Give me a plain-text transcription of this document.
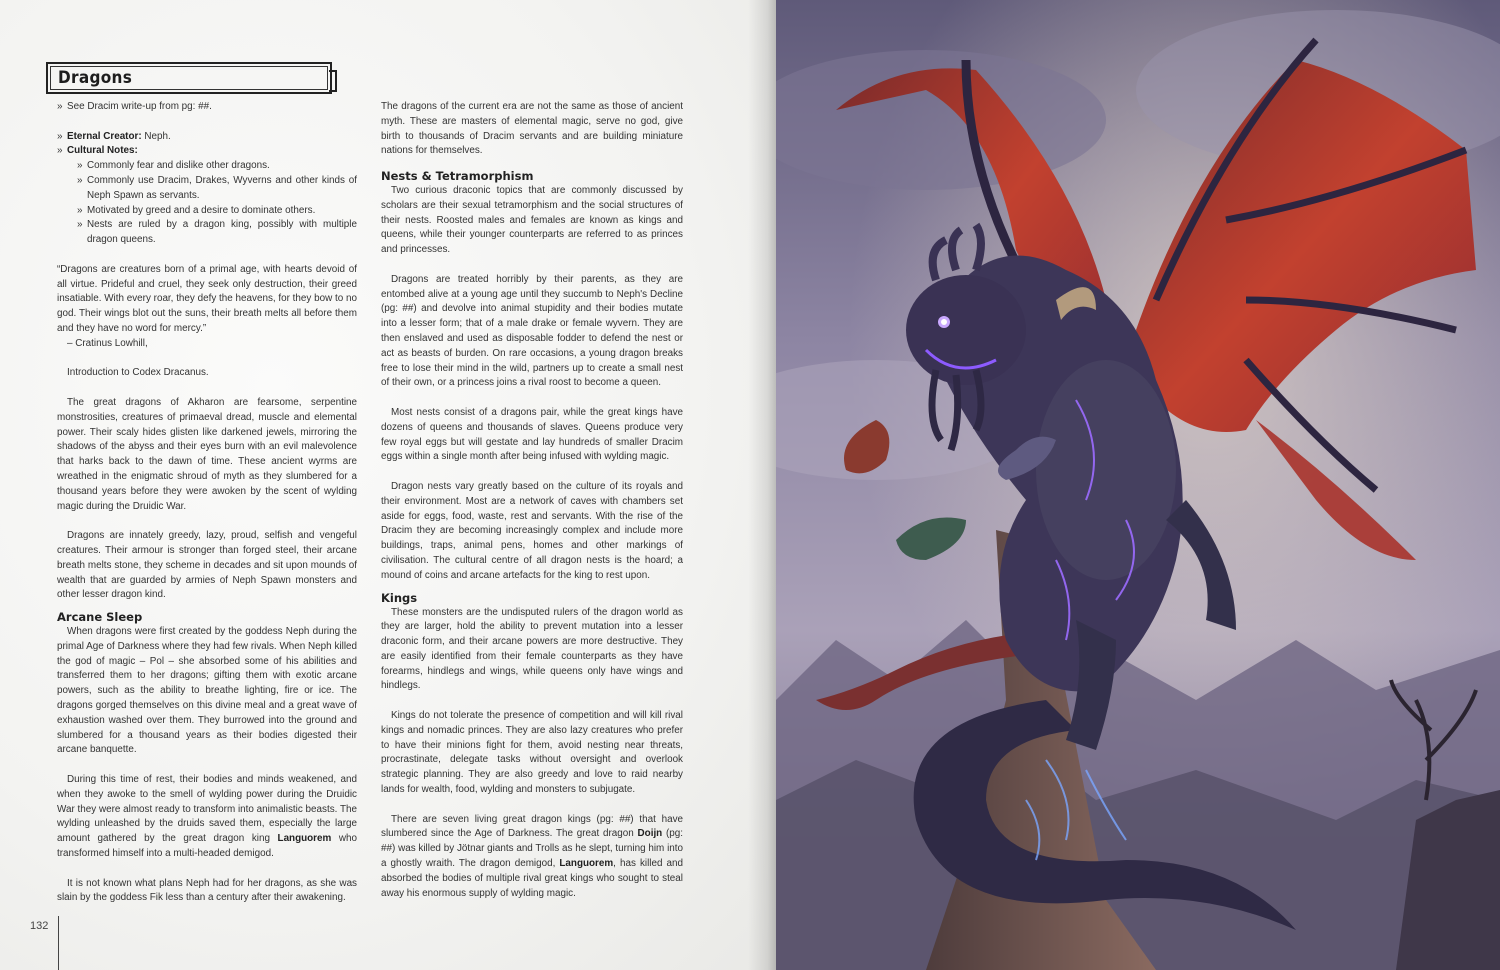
Dragons
» See Dracim write-up from pg: ##.
» Eternal Creator: Neph.
» Cultural Notes:
» Commonly fear and dislike other dragons.
» Commonly use Dracim, Drakes, Wyverns and other kinds of Neph Spawn as servants.
» Motivated by greed and a desire to dominate others.
» Nests are ruled by a dragon king, possibly with multiple dragon queens.

“Dragons are creatures born of a primal age, with hearts devoid of all virtue. Prideful and cruel, they seek only destruction, their greed insatiable. With every roar, they defy the heavens, for they bow to no god. Their wings blot out the suns, their breath melts all before them and they have no word for mercy.”

– Cratinus Lowhill,

Introduction to Codex Dracanus.

The great dragons of Akharon are fearsome, serpentine monstrosities, creatures of primaeval dread, muscle and elemental power. Their scaly hides glisten like darkened jewels, mirroring the shadows of the abyss and their eyes burn with an evil malevolence that harks back to the dawn of time. These ancient wyrms are wreathed in the enigmatic shroud of myth as they slumbered for a thousand years before they were awoken by the scent of wylding magic during the Druidic War.

Dragons are innately greedy, lazy, proud, selfish and vengeful creatures. Their armour is stronger than forged steel, their arcane breath melts stone, they scheme in decades and sit upon mounds of wealth that are guarded by armies of Neph Spawn monsters and other lesser dragon kind.

Arcane Sleep

When dragons were first created by the goddess Neph during the primal Age of Darkness where they had few rivals. When Neph killed the god of magic – Pol – she absorbed some of his abilities and transferred them to her dragons; gifting them with exotic arcane powers, such as the ability to breathe lighting, fire or ice. The dragons gorged themselves on this divine meal and a great wave of exhaustion washed over them. They burrowed into the ground and slumbered for a thousand years as their bodies digested their arcane banquette.

During this time of rest, their bodies and minds weakened, and when they awoke to the smell of wylding power during the Druidic War they were almost ready to transform into animalistic beasts. The wylding unleashed by the druids saved them, especially the large amount gathered by the great dragon king Languorem who transformed himself into a multi-headed demigod.

It is not known what plans Neph had for her dragons, as she was slain by the goddess Fik less than a century after their awakening.

The dragons of the current era are not the same as those of ancient myth. These are masters of elemental magic, serve no god, give birth to thousands of Dracim servants and are building miniature nations for themselves.

Nests & Tetramorphism

Two curious draconic topics that are commonly discussed by scholars are their sexual tetramorphism and the social structures of their nests. Roosted males and females are known as kings and queens, while their younger counterparts are referred to as princes and princesses.

Dragons are treated horribly by their parents, as they are entombed alive at a young age until they succumb to Neph's Decline (pg: ##) and devolve into animal stupidity and their bodies mutate into a lesser form; that of a male drake or female wyvern. They are then enslaved and used as disposable fodder to defend the nest or act as beasts of burden. On rare occasions, a young dragon breaks free to lose their mind in the wild, partners up to create a small nest of their own, or a princess joins a rival roost to become a queen.

Most nests consist of a dragons pair, while the great kings have dozens of queens and thousands of slaves. Queens produce very few royal eggs but will gestate and lay hundreds of smaller Dracim eggs within a single month after being infused with wylding magic.

Dragon nests vary greatly based on the culture of its royals and their environment. Most are a network of caves with chambers set aside for eggs, food, waste, rest and servants. With the rise of the Dracim they are becoming increasingly complex and include more buildings, traps, animal pens, homes and other markings of civilisation. The cultural centre of all dragon nests is the hoard; a mound of coins and arcane artefacts for the king to rest upon.

Kings

These monsters are the undisputed rulers of the dragon world as they are larger, hold the ability to prevent mutation into a lesser draconic form, and their arcane powers are more destructive. They are easily identified from their female counterparts as they have forearms, hindlegs and wings, while queens only have wings and hindlegs.

Kings do not tolerate the presence of competition and will kill rival kings and nomadic princes. They are also lazy creatures who prefer to have their minions fight for them, avoid nesting near threats, procrastinate, delegate tasks without oversight and overlook strategic planning. They are also greedy and love to raid nearby lands for wealth, food, wylding and monsters to subjugate.

There are seven living great dragon kings (pg: ##) that have slumbered since the Age of Darkness. The great dragon Doijn (pg: ##) was killed by Jötnar giants and Trolls as he slept, turning him into a ghostly wraith. The dragon demigod, Languorem, has killed and absorbed the bodies of multiple rival great kings who sought to steal away his enormous supply of wylding magic.

132
